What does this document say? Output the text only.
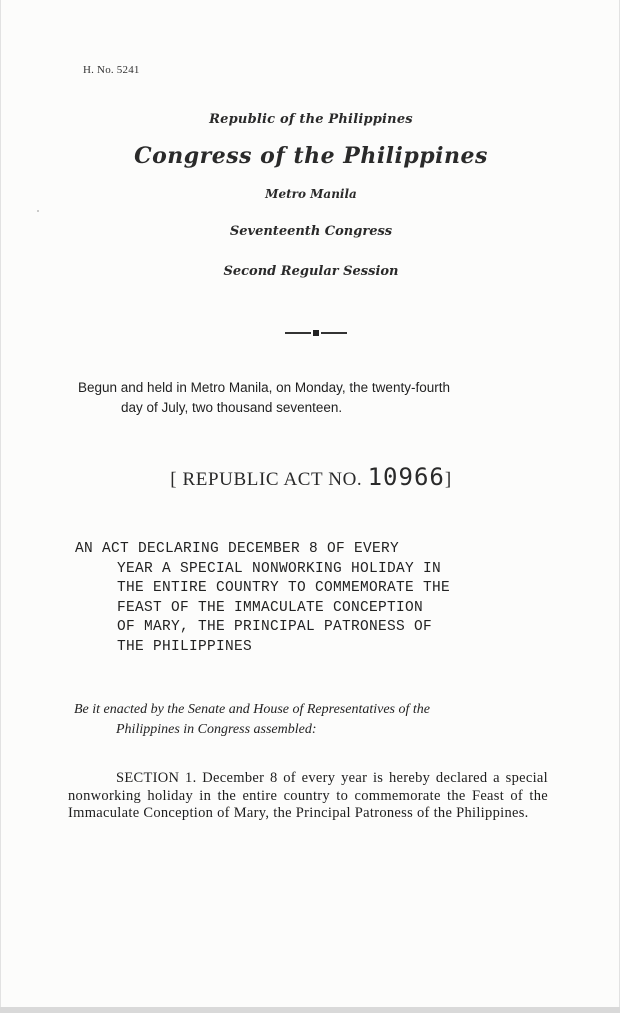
H. No. 5241
Republic of the Philippines
Congress of the Philippines
Metro Manila
Seventeenth Congress
Second Regular Session
Begun and held in Metro Manila, on Monday, the twenty-fourth
day of July, two thousand seventeen.
[ REPUBLIC ACT NO. 10966]
AN ACT DECLARING DECEMBER 8 OF EVERY
YEAR A SPECIAL NONWORKING HOLIDAY IN
THE ENTIRE COUNTRY TO COMMEMORATE THE
FEAST OF THE IMMACULATE CONCEPTION
OF MARY, THE PRINCIPAL PATRONESS OF
THE PHILIPPINES
Be it enacted by the Senate and House of Representatives of the
Philippines in Congress assembled:
SECTION 1. December 8 of every year is hereby declared a special nonworking holiday in the entire country to commemorate the Feast of the Immaculate Conception of Mary, the Principal Patroness of the Philippines.
